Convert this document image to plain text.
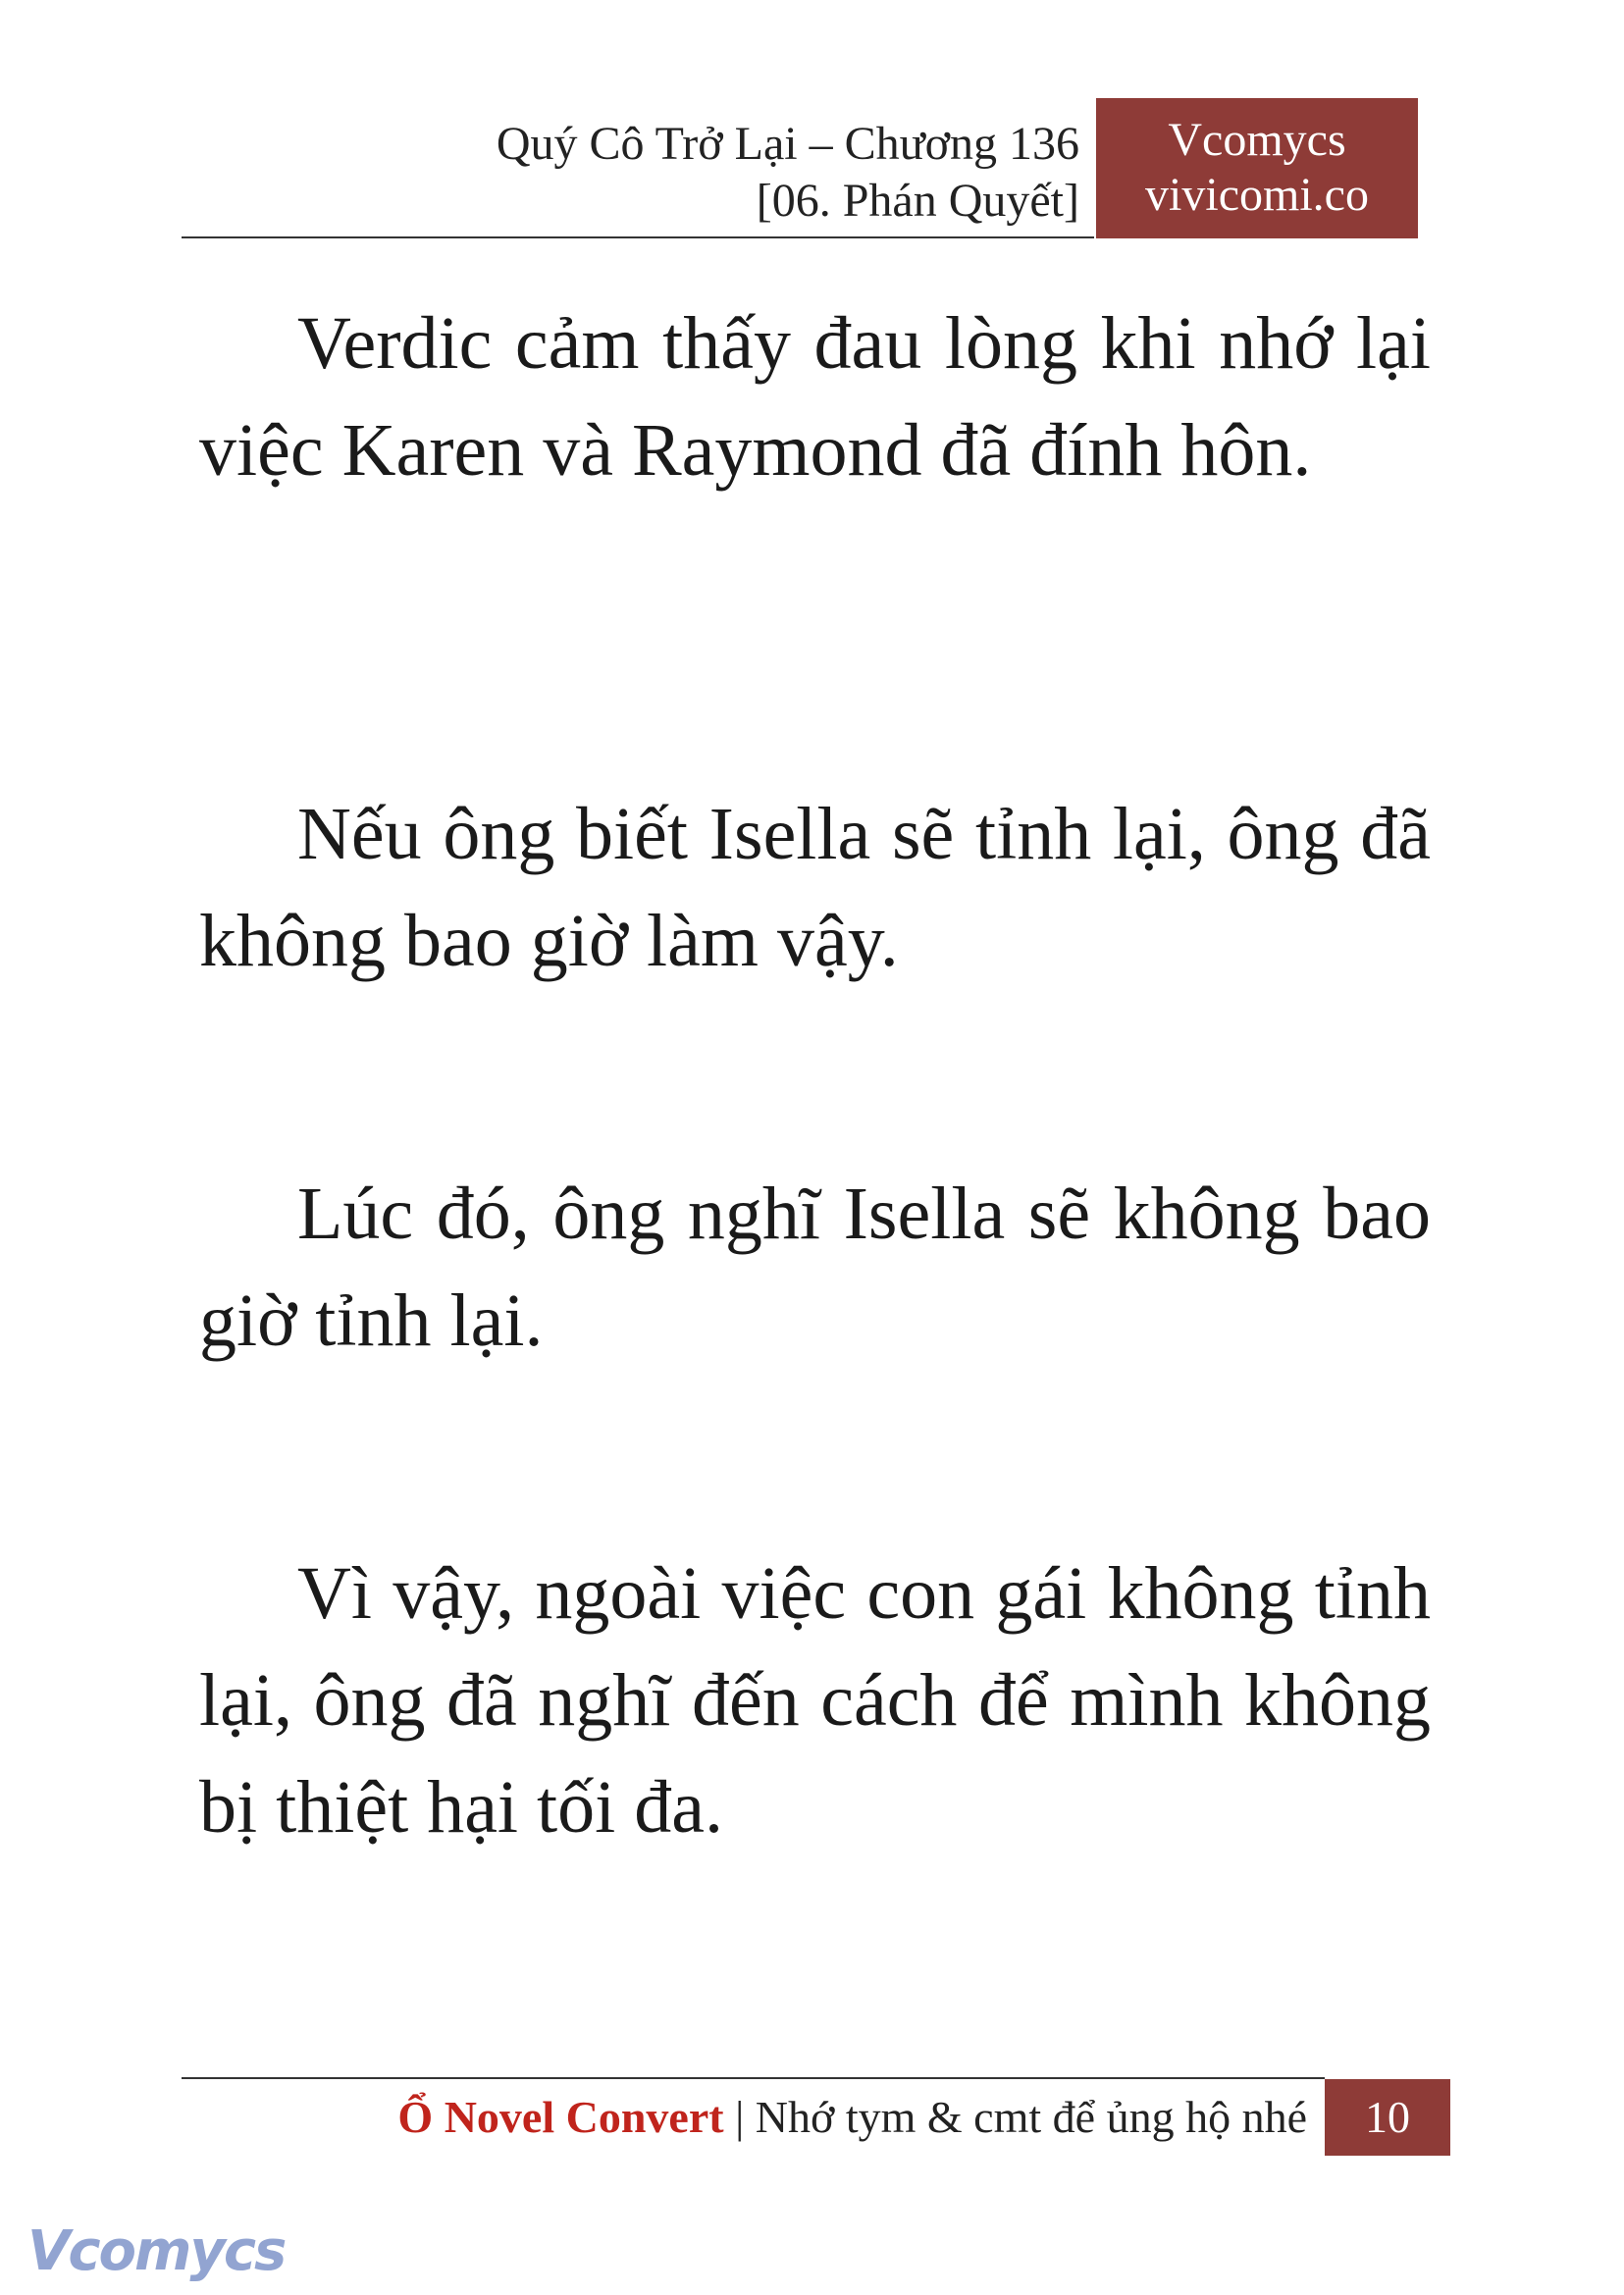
Quý Cô Trở Lại – Chương 136
[06. Phán Quyết]
Vcomycs
vivicomi.co

Verdic cảm thấy đau lòng khi nhớ lại việc Karen và Raymond đã đính hôn.

Nếu ông biết Isella sẽ tỉnh lại, ông đã không bao giờ làm vậy.

Lúc đó, ông nghĩ Isella sẽ không bao giờ tỉnh lại.

Vì vậy, ngoài việc con gái không tỉnh lại, ông đã nghĩ đến cách để mình không bị thiệt hại tối đa.

Ổ Novel Convert | Nhớ tym & cmt để ủng hộ nhé	10
Vcomycs
